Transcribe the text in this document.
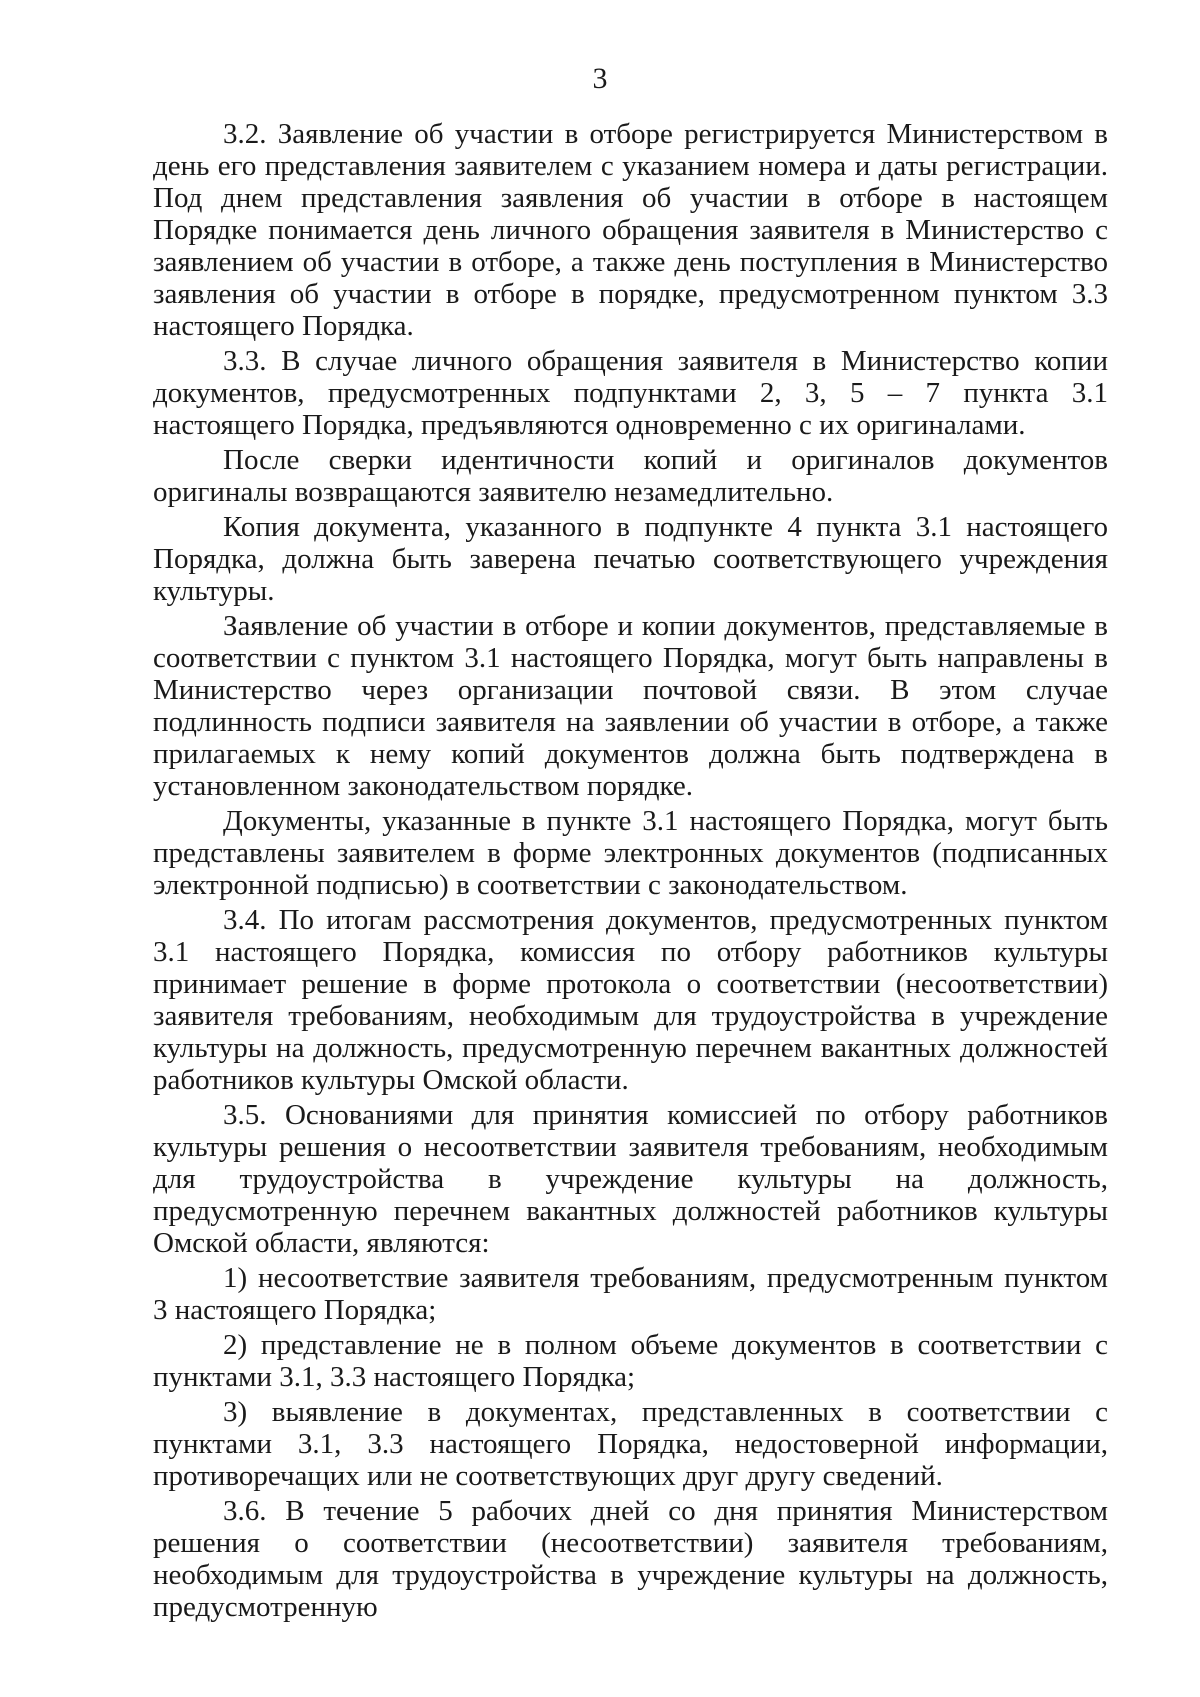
3

3.2. Заявление об участии в отборе регистрируется Министерством в день его представления заявителем с указанием номера и даты регистрации. Под днем представления заявления об участии в отборе в настоящем Порядке понимается день личного обращения заявителя в Министерство с заявлением об участии в отборе, а также день поступления в Министерство заявления об участии в отборе в порядке, предусмотренном пунктом 3.3 настоящего Порядка.

3.3. В случае личного обращения заявителя в Министерство копии документов, предусмотренных подпунктами 2, 3, 5 – 7 пункта 3.1 настоящего Порядка, предъявляются одновременно с их оригиналами.

После сверки идентичности копий и оригиналов документов оригиналы возвращаются заявителю незамедлительно.

Копия документа, указанного в подпункте 4 пункта 3.1 настоящего Порядка, должна быть заверена печатью соответствующего учреждения культуры.

Заявление об участии в отборе и копии документов, представляемые в соответствии с пунктом 3.1 настоящего Порядка, могут быть направлены в Министерство через организации почтовой связи. В этом случае подлинность подписи заявителя на заявлении об участии в отборе, а также прилагаемых к нему копий документов должна быть подтверждена в установленном законодательством порядке.

Документы, указанные в пункте 3.1 настоящего Порядка, могут быть представлены заявителем в форме электронных документов (подписанных электронной подписью) в соответствии с законодательством.

3.4. По итогам рассмотрения документов, предусмотренных пунктом 3.1 настоящего Порядка, комиссия по отбору работников культуры принимает решение в форме протокола о соответствии (несоответствии) заявителя требованиям, необходимым для трудоустройства в учреждение культуры на должность, предусмотренную перечнем вакантных должностей работников культуры Омской области.

3.5. Основаниями для принятия комиссией по отбору работников культуры решения о несоответствии заявителя требованиям, необходимым для трудоустройства в учреждение культуры на должность, предусмотренную перечнем вакантных должностей работников культуры Омской области, являются:

1) несоответствие заявителя требованиям, предусмотренным пунктом 3 настоящего Порядка;

2) представление не в полном объеме документов в соответствии с пунктами 3.1, 3.3 настоящего Порядка;

3) выявление в документах, представленных в соответствии с пунктами 3.1, 3.3 настоящего Порядка, недостоверной информации, противоречащих или не соответствующих друг другу сведений.

3.6. В течение 5 рабочих дней со дня принятия Министерством решения о соответствии (несоответствии) заявителя требованиям, необходимым для трудоустройства в учреждение культуры на должность, предусмотренную
